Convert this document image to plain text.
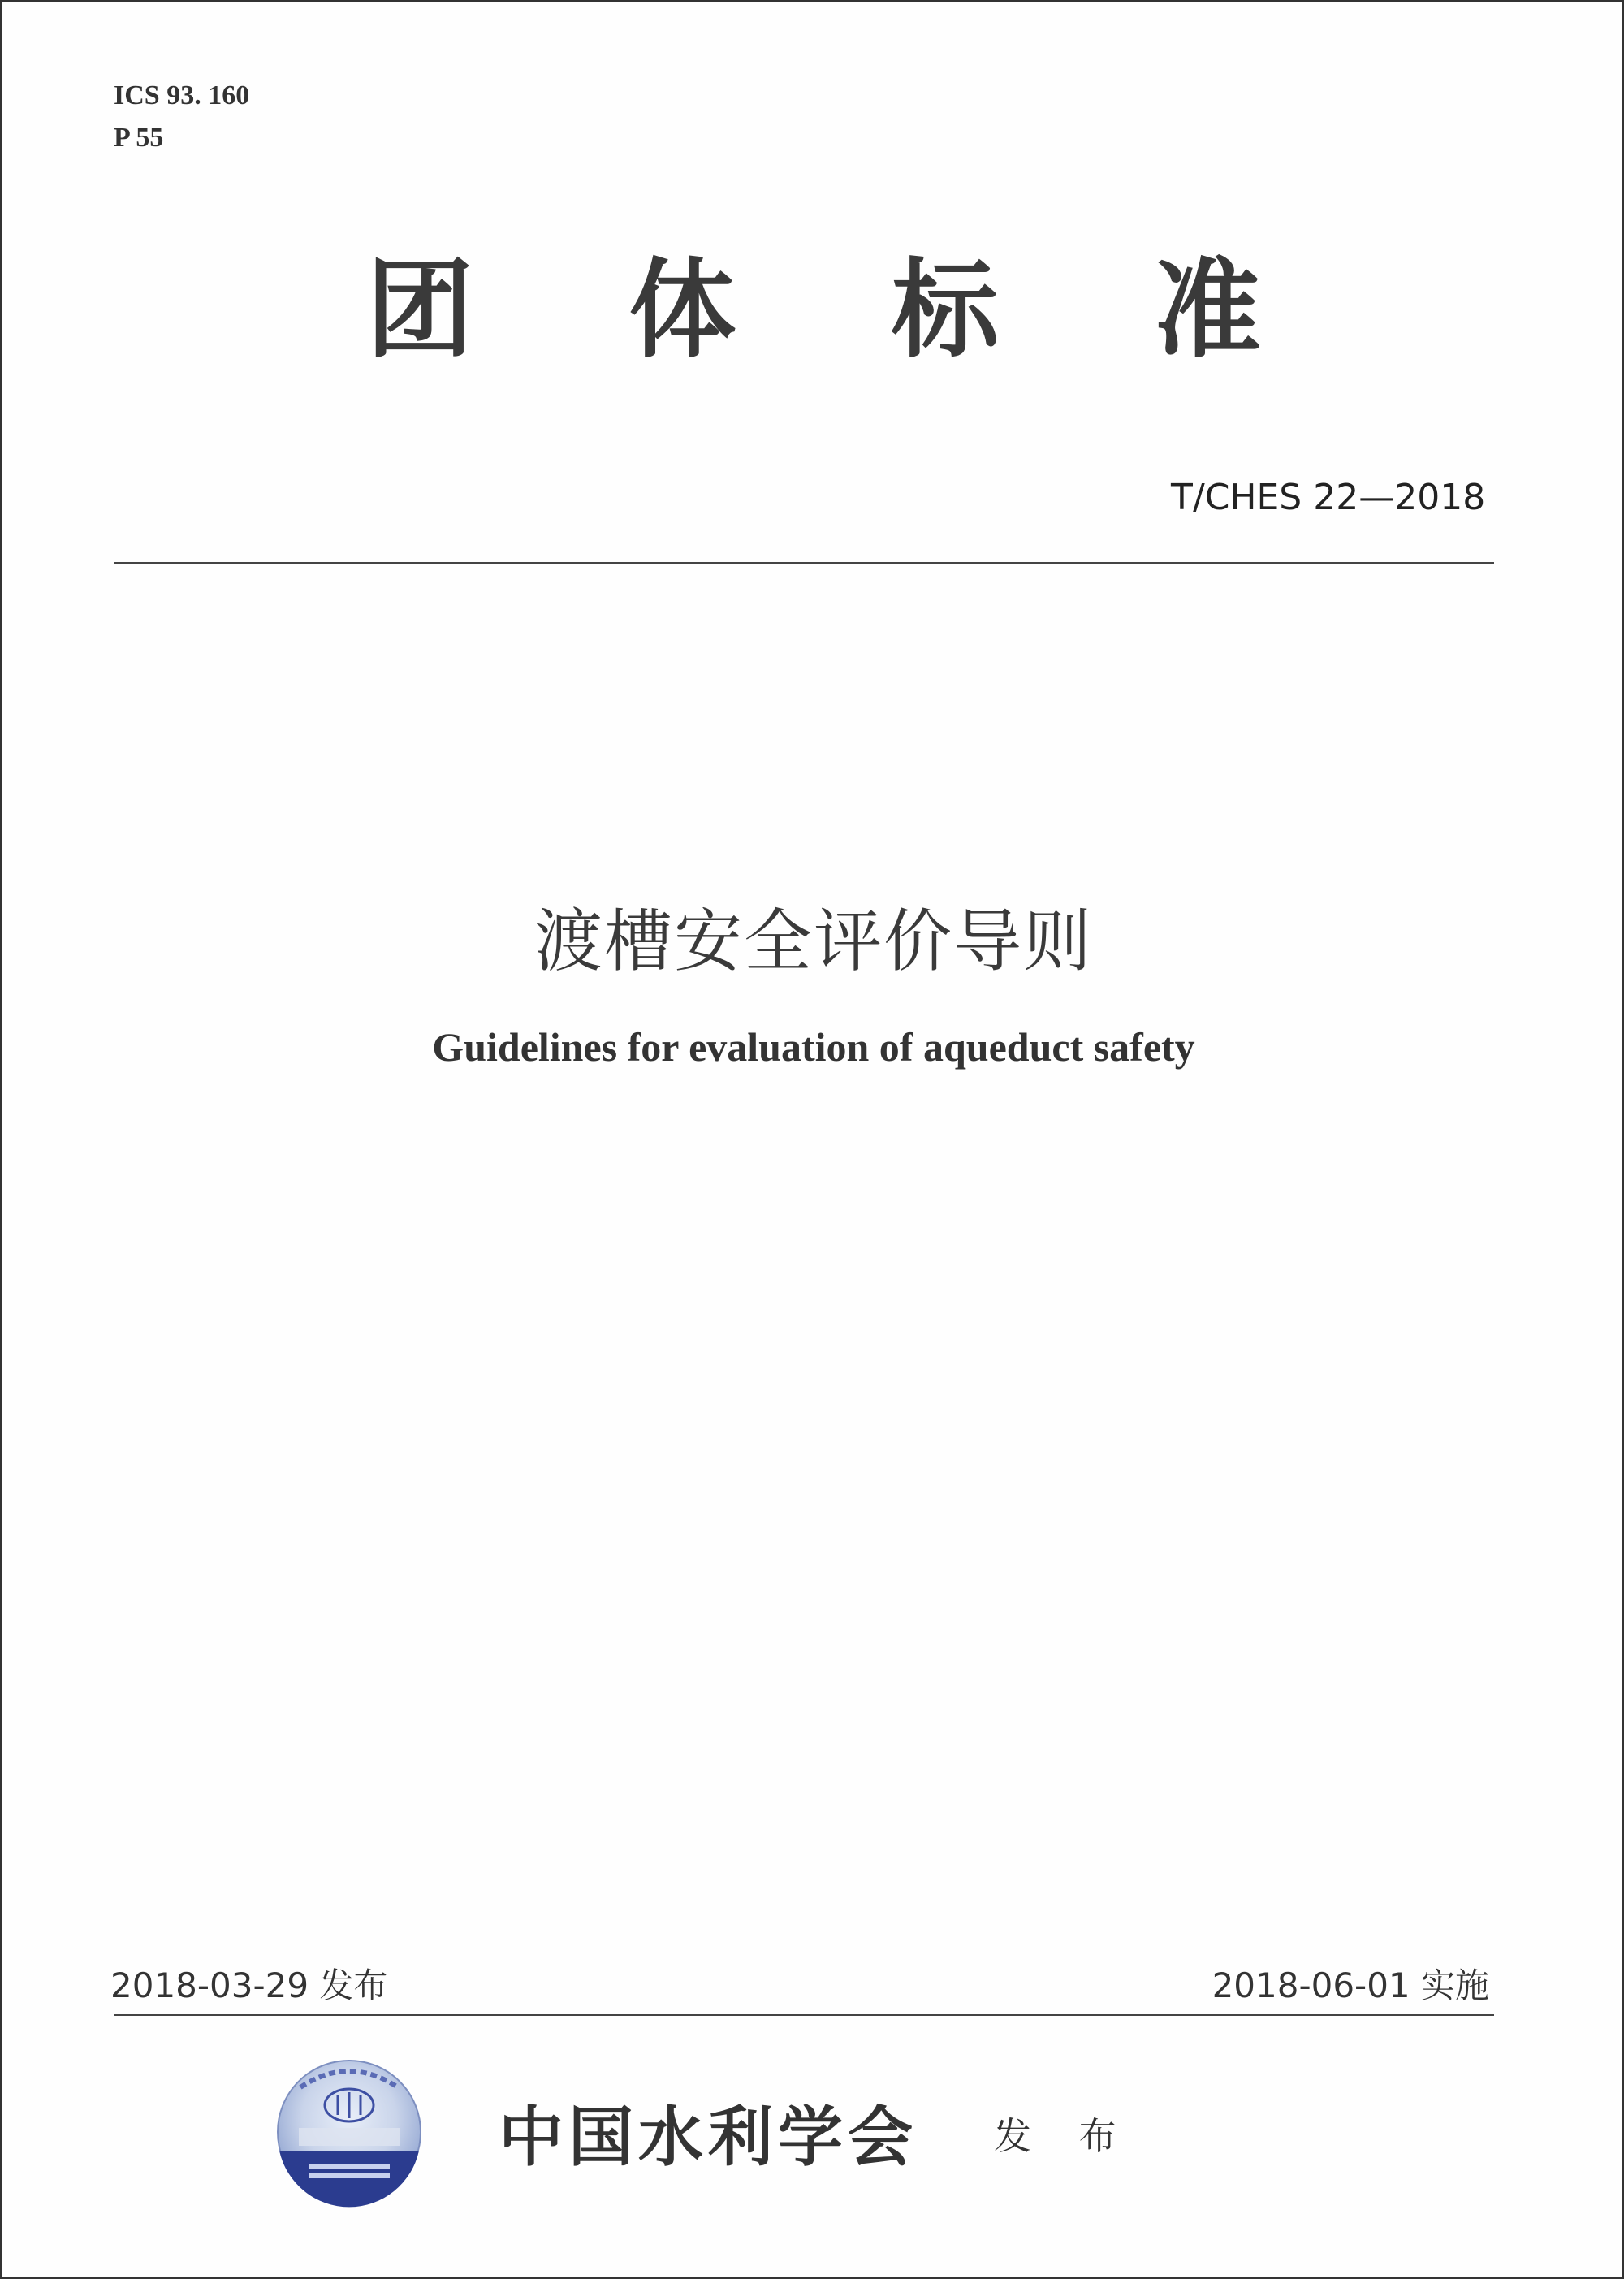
ICS 93. 160
P 55
团 体 标 准
T/CHES 22—2018
渡槽安全评价导则
Guidelines for evaluation of aqueduct safety
2018-03-29 发布	2018-06-01 实施
中国水利学会 发 布
